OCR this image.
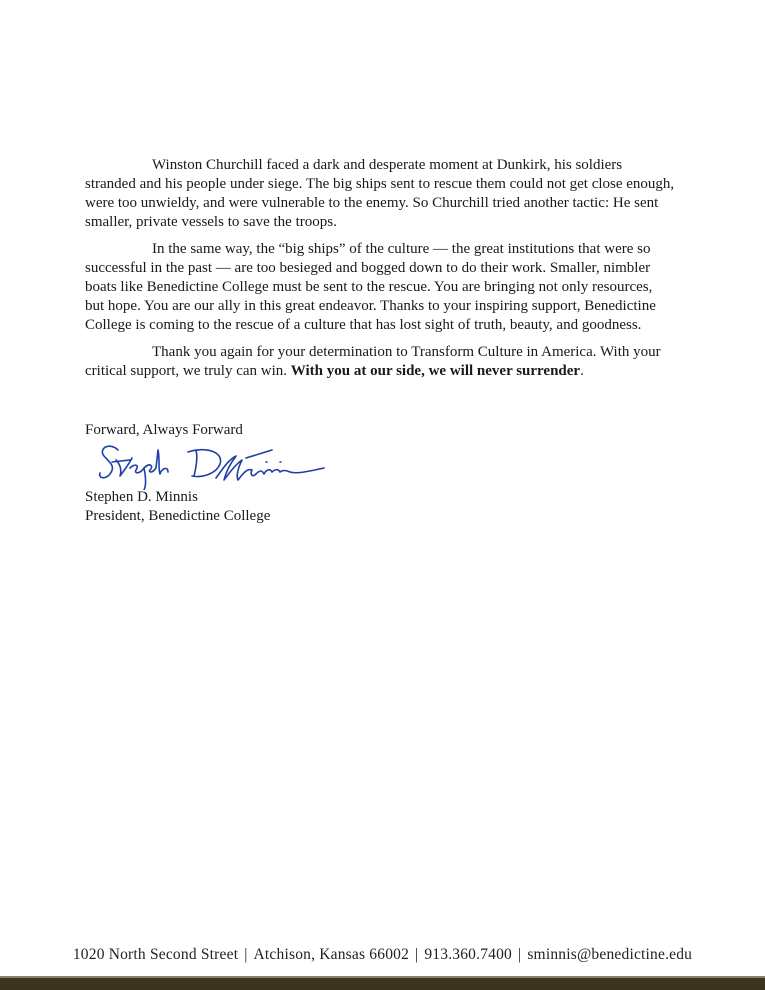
Winston Churchill faced a dark and desperate moment at Dunkirk, his soldiers stranded and his people under siege. The big ships sent to rescue them could not get close enough, were too unwieldy, and were vulnerable to the enemy. So Churchill tried another tactic: He sent smaller, private vessels to save the troops.

In the same way, the “big ships” of the culture — the great institutions that were so successful in the past — are too besieged and bogged down to do their work. Smaller, nimbler boats like Benedictine College must be sent to the rescue. You are bringing not only resources, but hope. You are our ally in this great endeavor. Thanks to your inspiring support, Benedictine College is coming to the rescue of a culture that has lost sight of truth, beauty, and goodness.

Thank you again for your determination to Transform Culture in America. With your critical support, we truly can win. With you at our side, we will never surrender.

Forward, Always Forward
Stephen D. Minnis
President, Benedictine College
1020 North Second Street | Atchison, Kansas 66002 | 913.360.7400 | sminnis@benedictine.edu
